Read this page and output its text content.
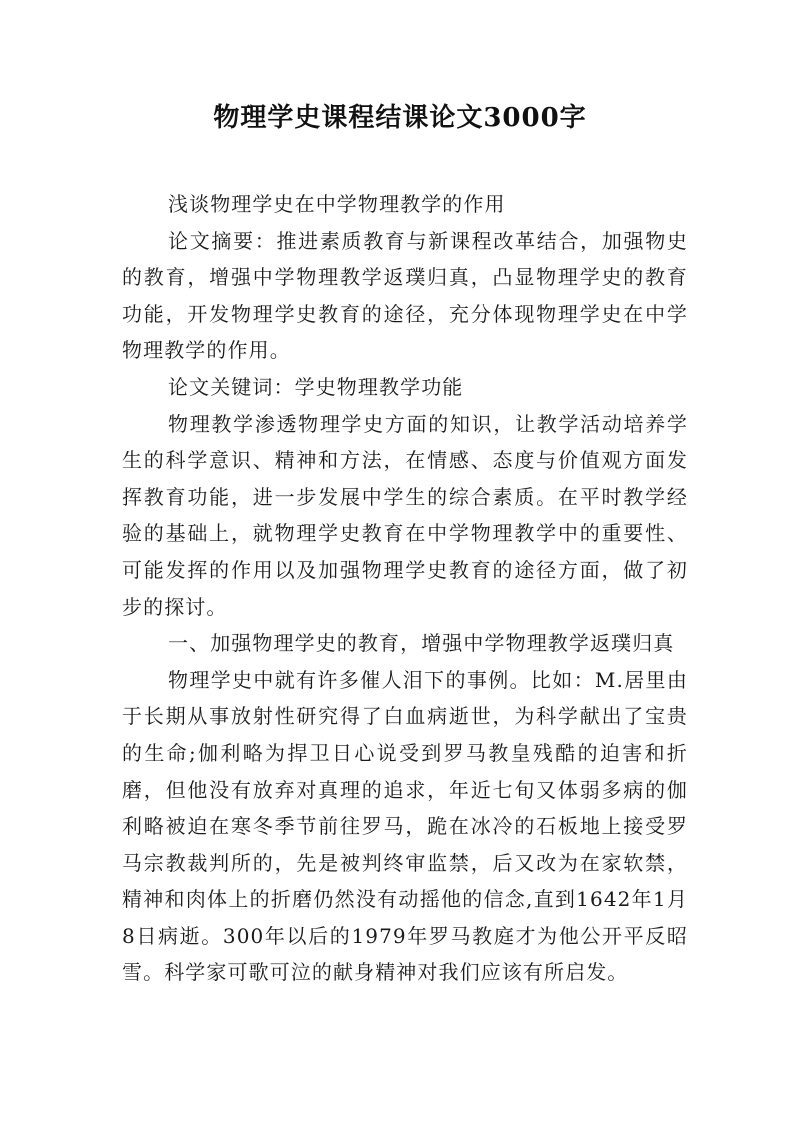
物理学史课程结课论文3000字

浅谈物理学史在中学物理教学的作用

论文摘要：推进素质教育与新课程改革结合，加强物史的教育，增强中学物理教学返璞归真，凸显物理学史的教育功能，开发物理学史教育的途径，充分体现物理学史在中学物理教学的作用。

论文关键词：学史物理教学功能

物理教学渗透物理学史方面的知识，让教学活动培养学生的科学意识、精神和方法，在情感、态度与价值观方面发挥教育功能，进一步发展中学生的综合素质。在平时教学经验的基础上，就物理学史教育在中学物理教学中的重要性、可能发挥的作用以及加强物理学史教育的途径方面，做了初步的探讨。

一、加强物理学史的教育，增强中学物理教学返璞归真

物理学史中就有许多催人泪下的事例。比如：M.居里由于长期从事放射性研究得了白血病逝世，为科学献出了宝贵的生命;伽利略为捍卫日心说受到罗马教皇残酷的迫害和折磨，但他没有放弃对真理的追求，年近七旬又体弱多病的伽利略被迫在寒冬季节前往罗马，跪在冰冷的石板地上接受罗马宗教裁判所的，先是被判终审监禁，后又改为在家软禁，精神和肉体上的折磨仍然没有动摇他的信念,直到1642年1月8日病逝。300年以后的1979年罗马教庭才为他公开平反昭雪。科学家可歌可泣的献身精神对我们应该有所启发。
